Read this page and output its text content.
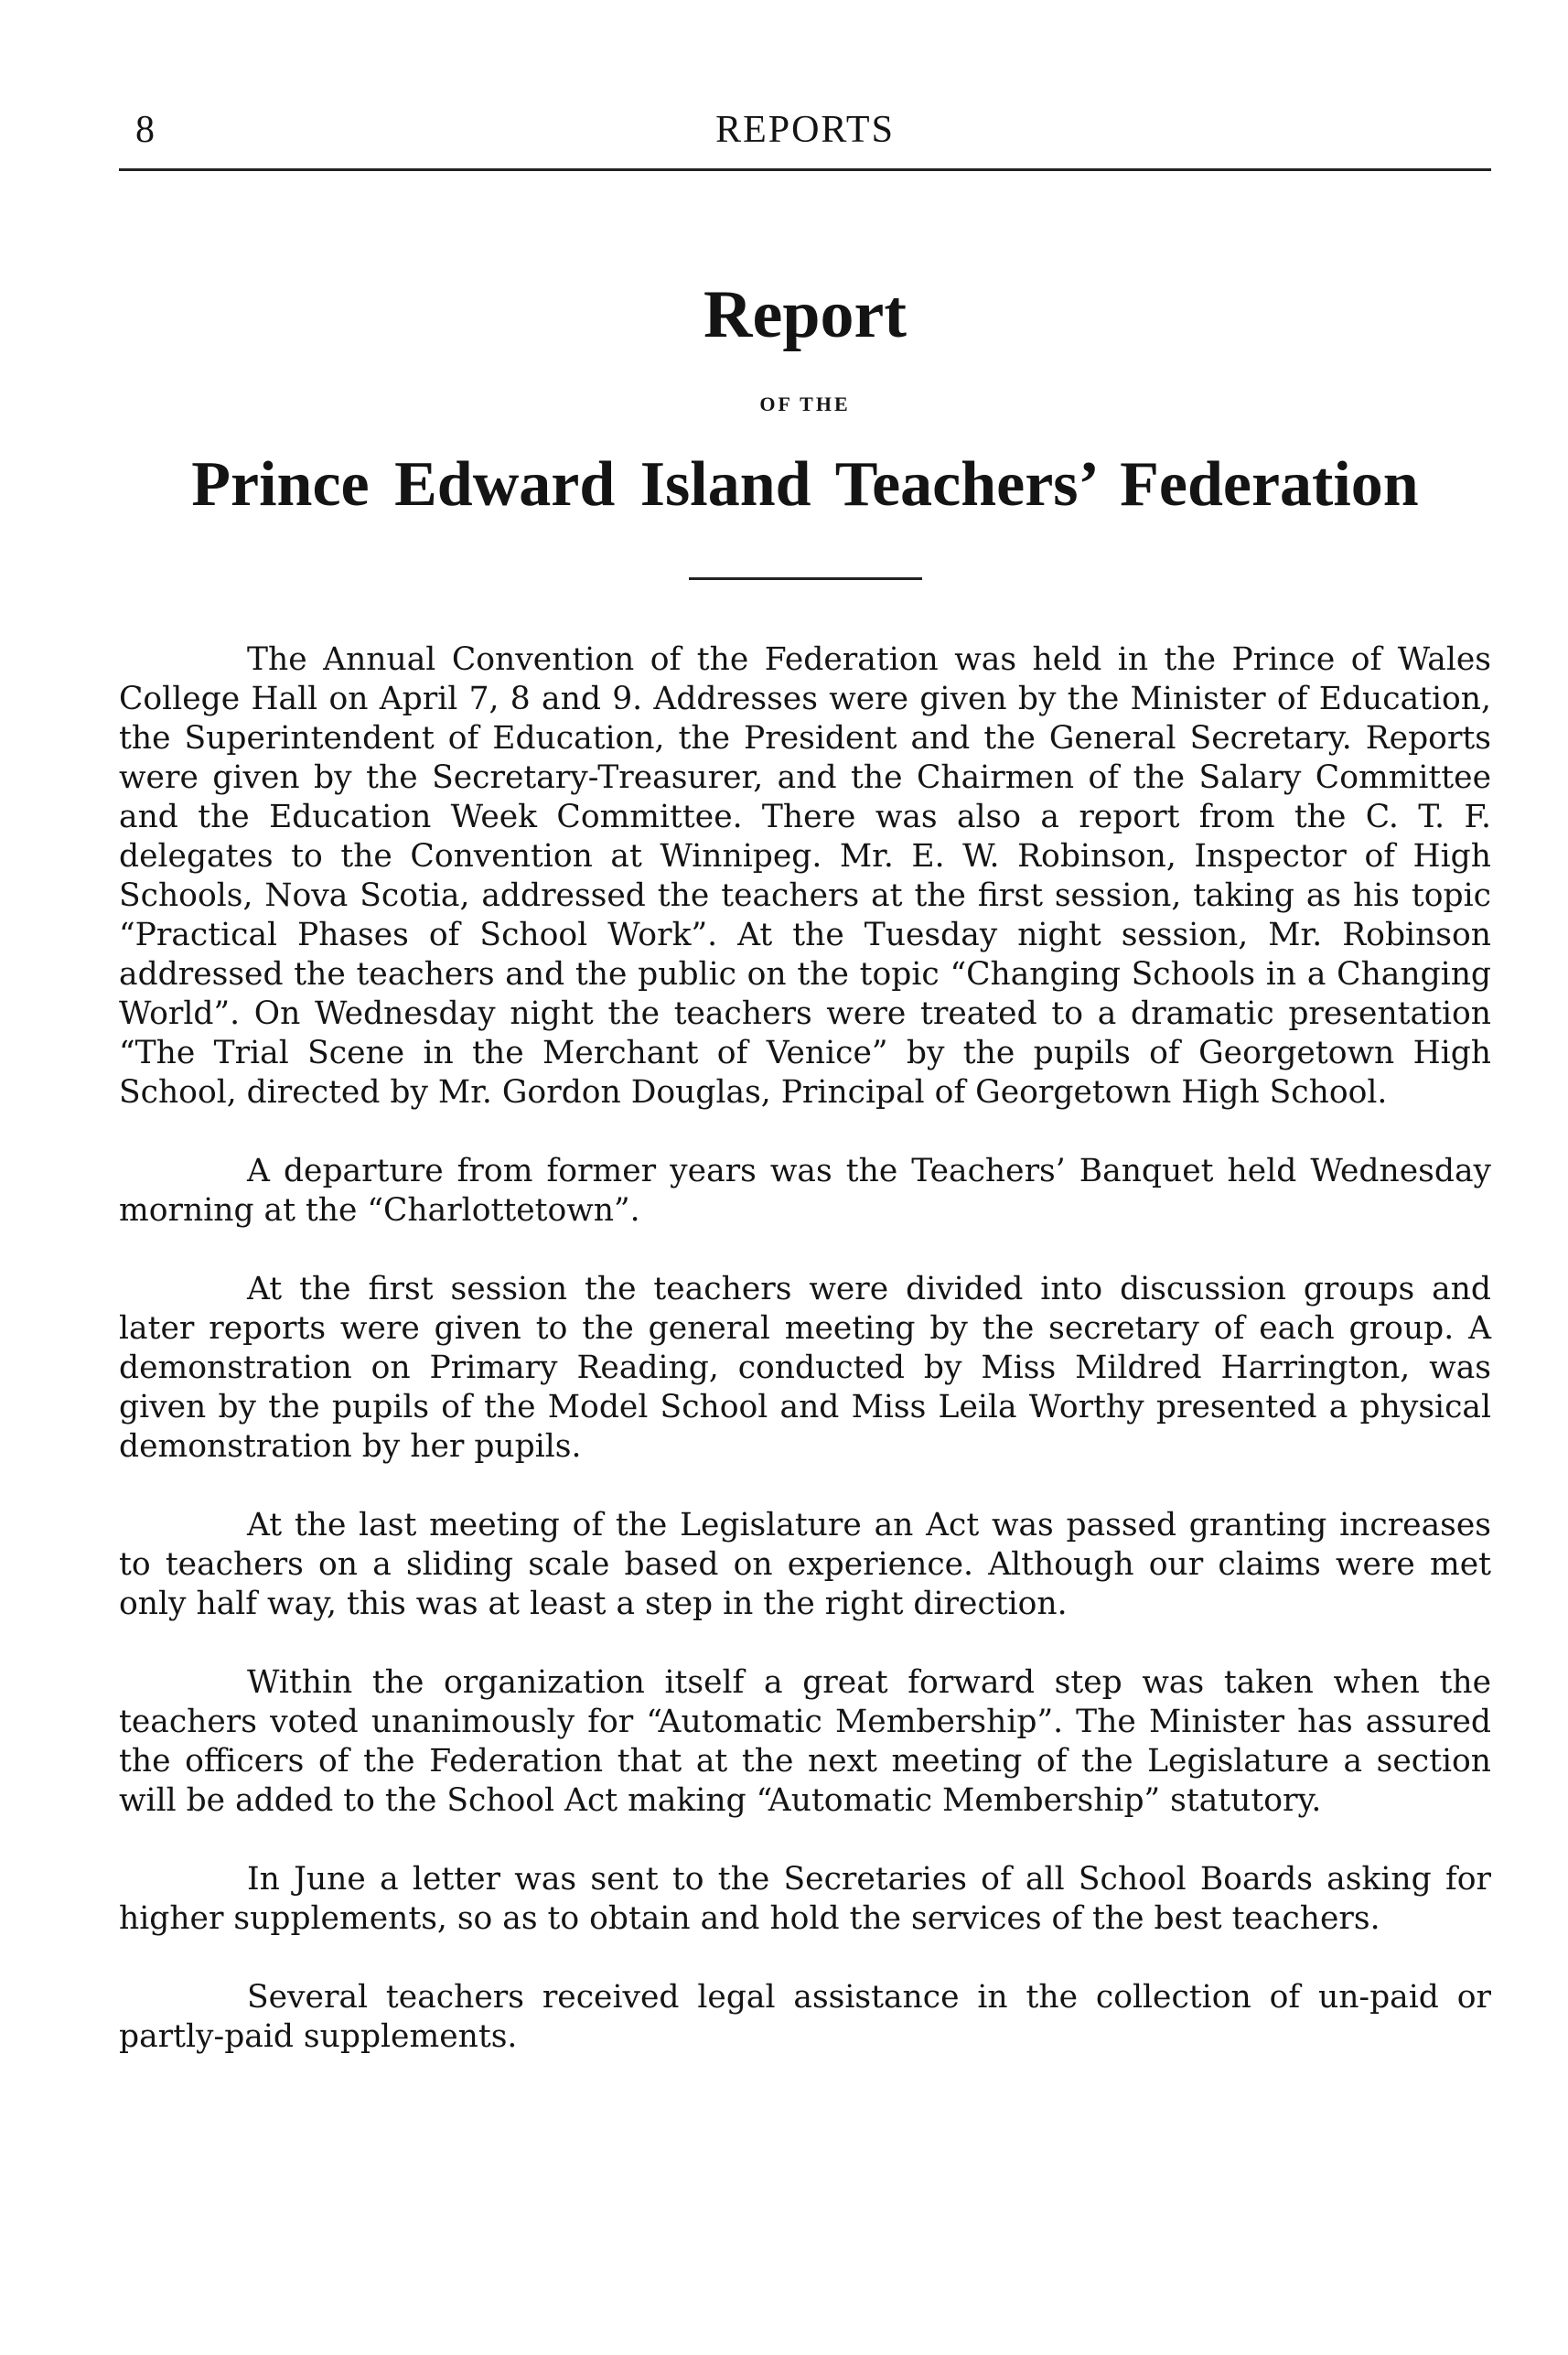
8	REPORTS
Report
OF THE
Prince Edward Island Teachers’ Federation

The Annual Convention of the Federation was held in the Prince of Wales College Hall on April 7, 8 and 9. Addresses were given by the Minister of Education, the Superintendent of Education, the President and the General Secretary. Reports were given by the Secretary-Treasurer, and the Chairmen of the Salary Committee and the Education Week Committee. There was also a report from the C. T. F. delegates to the Convention at Winnipeg. Mr. E. W. Robinson, Inspector of High Schools, Nova Scotia, addressed the teachers at the first session, taking as his topic “Practical Phases of School Work”. At the Tuesday night session, Mr. Robinson addressed the teachers and the public on the topic “Changing Schools in a Changing World”. On Wednesday night the teachers were treated to a dramatic presentation “The Trial Scene in the Merchant of Venice” by the pupils of Georgetown High School, directed by Mr. Gordon Douglas, Principal of Georgetown High School.

A departure from former years was the Teachers’ Banquet held Wednesday morning at the “Charlottetown”.

At the first session the teachers were divided into discussion groups and later reports were given to the general meeting by the secretary of each group. A demonstration on Primary Reading, conducted by Miss Mildred Harrington, was given by the pupils of the Model School and Miss Leila Worthy presented a physical demonstration by her pupils.

At the last meeting of the Legislature an Act was passed granting increases to teachers on a sliding scale based on experience. Although our claims were met only half way, this was at least a step in the right direction.

Within the organization itself a great forward step was taken when the teachers voted unanimously for “Automatic Membership”. The Minister has assured the officers of the Federation that at the next meeting of the Legislature a section will be added to the School Act making “Automatic Membership” statutory.

In June a letter was sent to the Secretaries of all School Boards asking for higher supplements, so as to obtain and hold the services of the best teachers.

Several teachers received legal assistance in the collection of un-paid or partly-paid supplements.
